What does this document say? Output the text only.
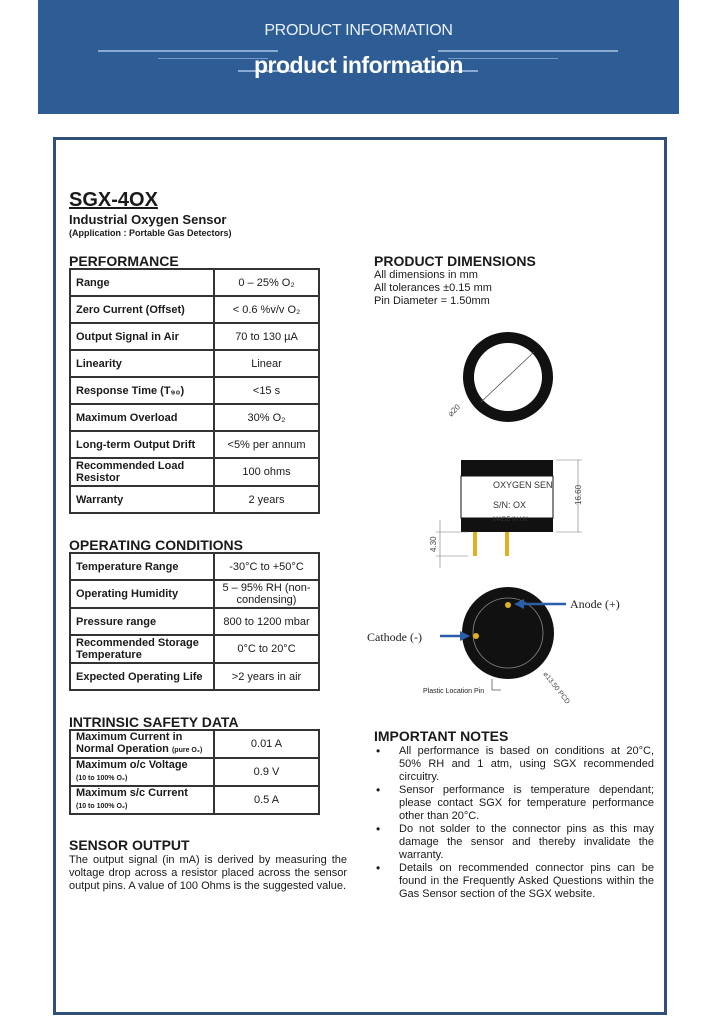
PRODUCT INFORMATION
product information
SGX-4OX
Industrial Oxygen Sensor
(Application : Portable Gas Detectors)
PERFORMANCE
Range	0 – 25% O₂
Zero Current (Offset)	< 0.6 %v/v O₂
Output Signal in Air	70 to 130 µA
Linearity	Linear
Response Time (T₉₀)	<15 s
Maximum Overload	30% O₂
Long-term Output Drift	<5% per annum
Recommended Load Resistor	100 ohms
Warranty	2 years
OPERATING CONDITIONS
Temperature Range	-30°C to +50°C
Operating Humidity	5 – 95% RH (non-condensing)
Pressure range	800 to 1200 mbar
Recommended Storage Temperature	0°C to 20°C
Expected Operating Life	>2 years in air
INTRINSIC SAFETY DATA
Maximum Current in Normal Operation (pure O₂)	0.01 A
Maximum o/c Voltage
(10 to 100% O₂)	0.9 V
Maximum s/c Current
(10 to 100% O₂)	0.5 A
SENSOR OUTPUT
The output signal (in mA) is derived by measuring the voltage drop across a resistor placed across the sensor output pins. A value of 100 Ohms is the suggested value.
PRODUCT DIMENSIONS
All dimensions in mm
All tolerances ±0.15 mm
Pin Diameter = 1.50mm
⌀20
OXYGEN SEN
S/N: OX
MADE IN UK
16.60
4.30
Plastic Location Pin	⌀13.50 PCD
Anode (+)
Cathode (-)
IMPORTANT NOTES
• All performance is based on conditions at 20°C, 50% RH and 1 atm, using SGX recommended circuitry.
• Sensor performance is temperature dependant; please contact SGX for temperature performance other than 20°C.
• Do not solder to the connector pins as this may damage the sensor and thereby invalidate the warranty.
• Details on recommended connector pins can be found in the Frequently Asked Questions within the Gas Sensor section of the SGX website.
